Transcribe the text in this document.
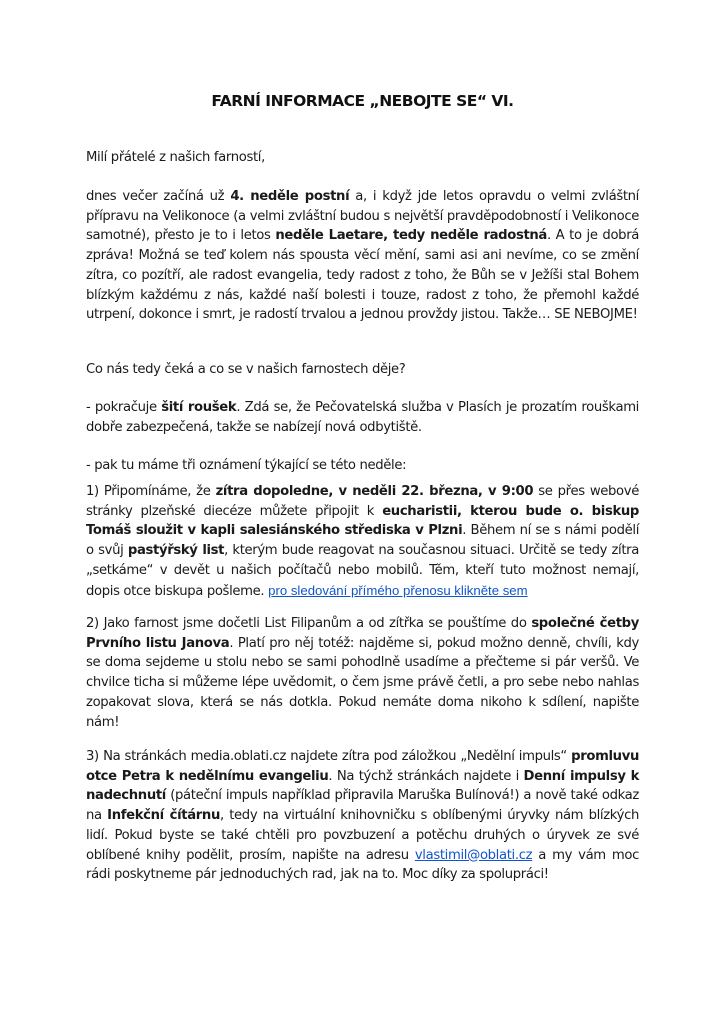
FARNÍ INFORMACE „NEBOJTE SE“ VI.

Milí přátelé z našich farností,

dnes večer začíná už 4. neděle postní a, i když jde letos opravdu o velmi zvláštní přípravu na Velikonoce (a velmi zvláštní budou s největší pravděpodobností i Velikonoce samotné), přesto je to i letos neděle Laetare, tedy neděle radostná. A to je dobrá zpráva! Možná se teď kolem nás spousta věcí mění, sami asi ani nevíme, co se změní zítra, co pozítří, ale radost evangelia, tedy radost z toho, že Bůh se v Ježíši stal Bohem blízkým každému z nás, každé naší bolesti i touze, radost z toho, že přemohl každé utrpení, dokonce i smrt, je radostí trvalou a jednou provždy jistou. Takže… SE NEBOJME!

Co nás tedy čeká a co se v našich farnostech děje?

- pokračuje šití roušek. Zdá se, že Pečovatelská služba v Plasích je prozatím rouškami dobře zabezpečená, takže se nabízejí nová odbytiště.

- pak tu máme tři oznámení týkající se této neděle:

1) Připomínáme, že zítra dopoledne, v neděli 22. března, v 9:00 se přes webové stránky plzeňské diecéze můžete připojit k eucharistii, kterou bude o. biskup Tomáš sloužit v kapli salesiánského střediska v Plzni. Během ní se s námi podělí o svůj pastýřský list, kterým bude reagovat na současnou situaci. Určitě se tedy zítra „setkáme“ v devět u našich počítačů nebo mobilů. Těm, kteří tuto možnost nemají, dopis otce biskupa pošleme. pro sledování přímého přenosu klikněte sem

2) Jako farnost jsme dočetli List Filipanům a od zítřka se pouštíme do společné četby Prvního listu Janova. Platí pro něj totéž: najděme si, pokud možno denně, chvíli, kdy se doma sejdeme u stolu nebo se sami pohodlně usadíme a přečteme si pár veršů. Ve chvilce ticha si můžeme lépe uvědomit, o čem jsme právě četli, a pro sebe nebo nahlas zopakovat slova, která se nás dotkla. Pokud nemáte doma nikoho k sdílení, napište nám!

3) Na stránkách media.oblati.cz najdete zítra pod záložkou „Nedělní impuls“ promluvu otce Petra k nedělnímu evangeliu. Na týchž stránkách najdete i Denní impulsy k nadechnutí (páteční impuls například připravila Maruška Bulínová!) a nově také odkaz na Infekční čítárnu, tedy na virtuální knihovničku s oblíbenými úryvky nám blízkých lidí. Pokud byste se také chtěli pro povzbuzení a potěchu druhých o úryvek ze své oblíbené knihy podělit, prosím, napište na adresu vlastimil@oblati.cz a my vám moc rádi poskytneme pár jednoduchých rad, jak na to. Moc díky za spolupráci!
